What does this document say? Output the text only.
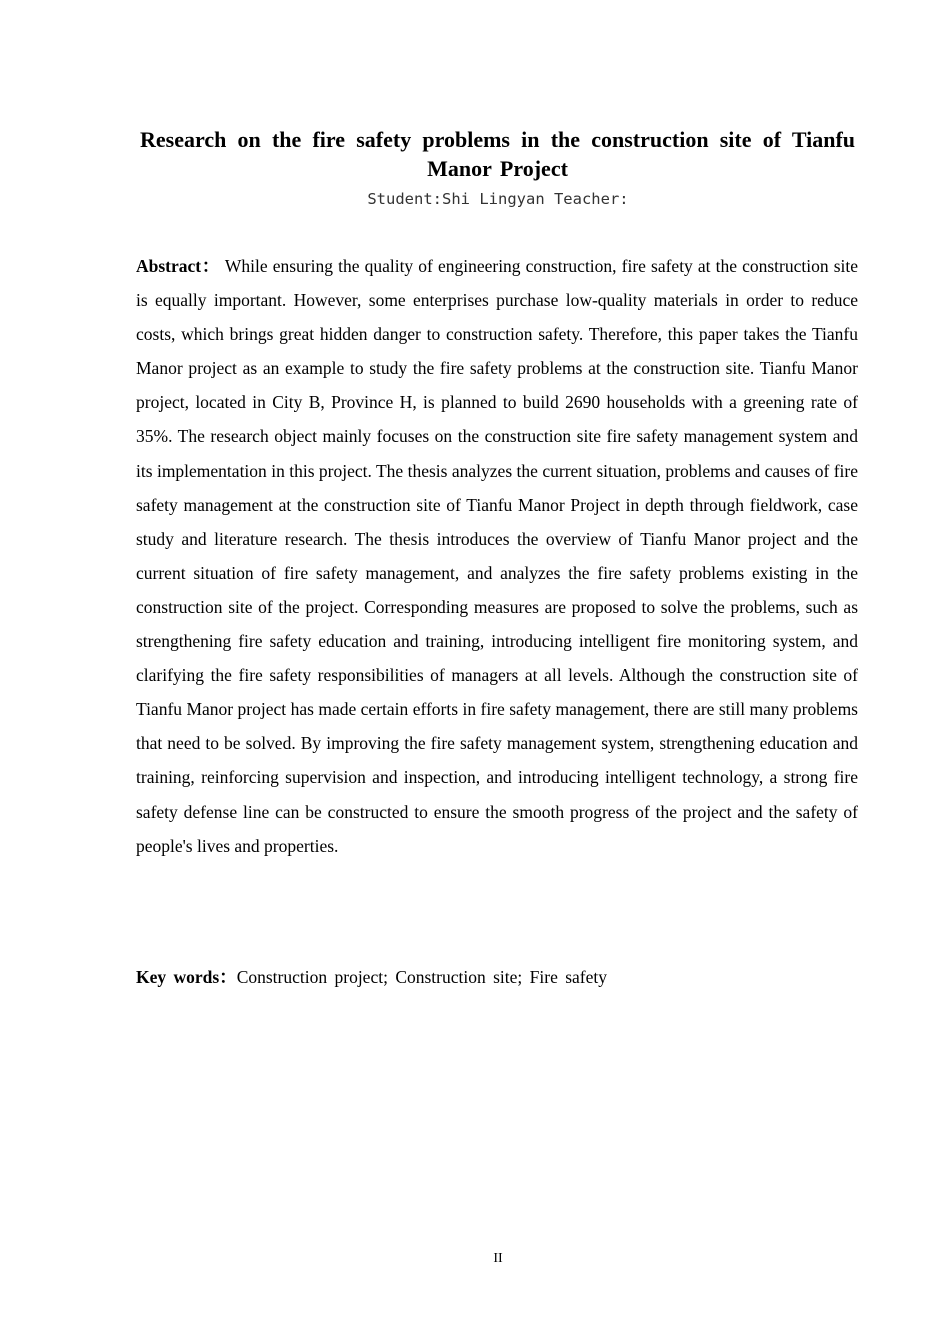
Research on the fire safety problems in the construction site of Tianfu Manor Project

Student:Shi Lingyan Teacher:

Abstract： While ensuring the quality of engineering construction, fire safety at the construction site is equally important. However, some enterprises purchase low-quality materials in order to reduce costs, which brings great hidden danger to construction safety. Therefore, this paper takes the Tianfu Manor project as an example to study the fire safety problems at the construction site. Tianfu Manor project, located in City B, Province H, is planned to build 2690 households with a greening rate of 35%. The research object mainly focuses on the construction site fire safety management system and its implementation in this project. The thesis analyzes the current situation, problems and causes of fire safety management at the construction site of Tianfu Manor Project in depth through fieldwork, case study and literature research. The thesis introduces the overview of Tianfu Manor project and the current situation of fire safety management, and analyzes the fire safety problems existing in the construction site of the project. Corresponding measures are proposed to solve the problems, such as strengthening fire safety education and training, introducing intelligent fire monitoring system, and clarifying the fire safety responsibilities of managers at all levels. Although the construction site of Tianfu Manor project has made certain efforts in fire safety management, there are still many problems that need to be solved. By improving the fire safety management system, strengthening education and training, reinforcing supervision and inspection, and introducing intelligent technology, a strong fire safety defense line can be constructed to ensure the smooth progress of the project and the safety of people's lives and properties.

Key words：Construction project; Construction site; Fire safety

II
